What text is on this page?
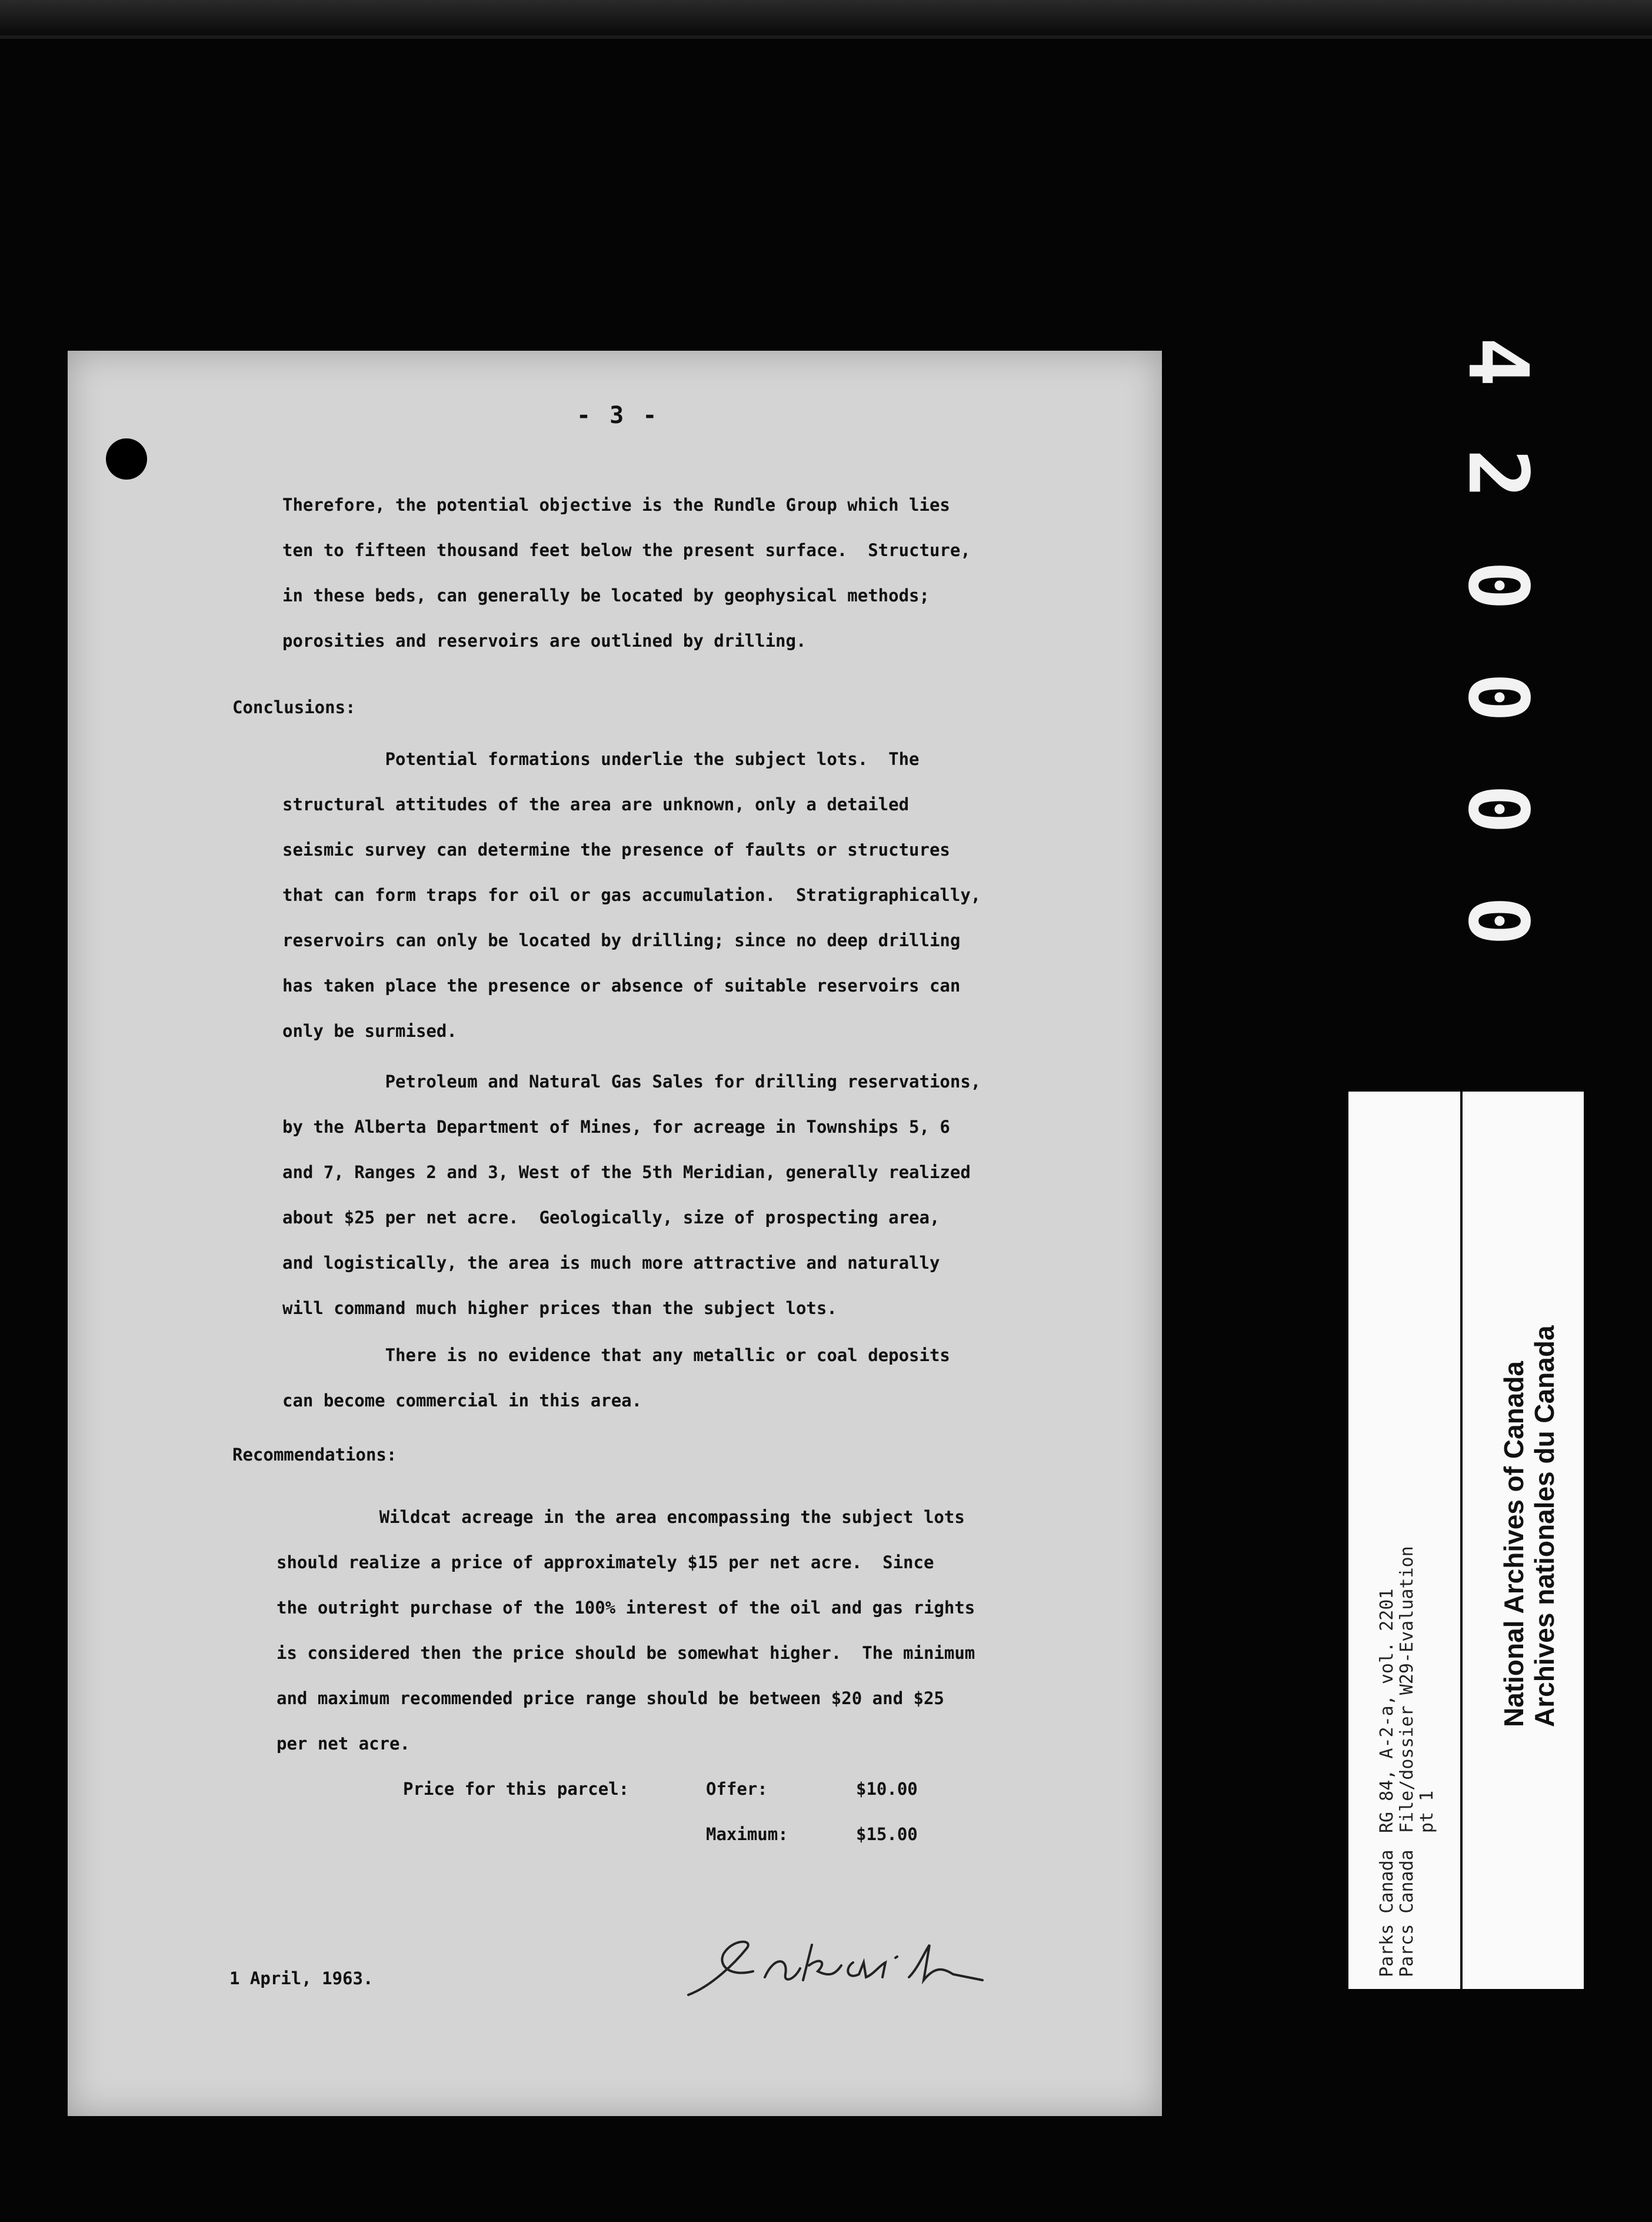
- 3 -
Therefore, the potential objective is the Rundle Group which lies
ten to fifteen thousand feet below the present surface.  Structure,
in these beds, can generally be located by geophysical methods;
porosities and reservoirs are outlined by drilling.
Conclusions:
Potential formations underlie the subject lots.  The
structural attitudes of the area are unknown, only a detailed
seismic survey can determine the presence of faults or structures
that can form traps for oil or gas accumulation.  Stratigraphically,
reservoirs can only be located by drilling; since no deep drilling
has taken place the presence or absence of suitable reservoirs can
only be surmised.
Petroleum and Natural Gas Sales for drilling reservations,
by the Alberta Department of Mines, for acreage in Townships 5, 6
and 7, Ranges 2 and 3, West of the 5th Meridian, generally realized
about $25 per net acre.  Geologically, size of prospecting area,
and logistically, the area is much more attractive and naturally
will command much higher prices than the subject lots.
There is no evidence that any metallic or coal deposits
can become commercial in this area.
Recommendations:
Wildcat acreage in the area encompassing the subject lots
should realize a price of approximately $15 per net acre.  Since
the outright purchase of the 100% interest of the oil and gas rights
is considered then the price should be somewhat higher.  The minimum
and maximum recommended price range should be between $20 and $25
per net acre.
Price for this parcel:	Offer:	$10.00
Maximum:	$15.00
1 April, 1963.
4
2
0
0
0
0
RG 84, A-2-a, vol. 2201 File/dossier W29-Evaluation pt 1
Parks Canada Parcs Canada
National Archives of Canada Archives nationales du Canada
